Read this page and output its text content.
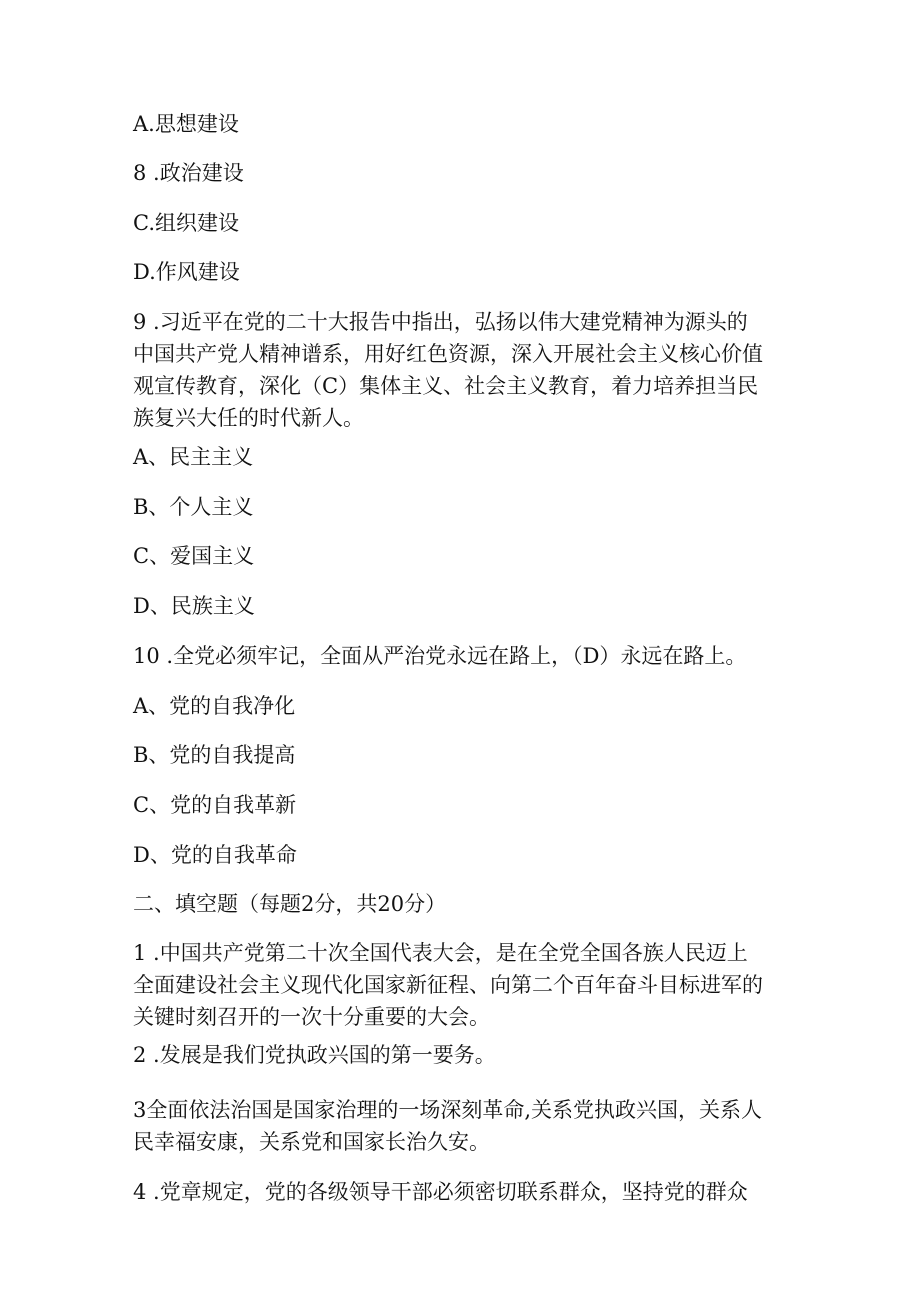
A.思想建设
8 .政治建设
C.组织建设
D.作风建设
9 .习近平在党的二十大报告中指出，弘扬以伟大建党精神为源头的
中国共产党人精神谱系，用好红色资源，深入开展社会主义核心价值
观宣传教育，深化（C）集体主义、社会主义教育，着力培养担当民
族复兴大任的时代新人。
A、民主主义
B、个人主义
C、爱国主义
D、民族主义
10 .全党必须牢记，全面从严治党永远在路上，（D）永远在路上。
A、党的自我净化
B、党的自我提高
C、党的自我革新
D、党的自我革命
二、填空题（每题2分，共20分）
1 .中国共产党第二十次全国代表大会，是在全党全国各族人民迈上
全面建设社会主义现代化国家新征程、向第二个百年奋斗目标进军的
关键时刻召开的一次十分重要的大会。
2 .发展是我们党执政兴国的第一要务。
3全面依法治国是国家治理的一场深刻革命,关系党执政兴国，关系人
民幸福安康，关系党和国家长治久安。
4 .党章规定，党的各级领导干部必须密切联系群众，坚持党的群众
